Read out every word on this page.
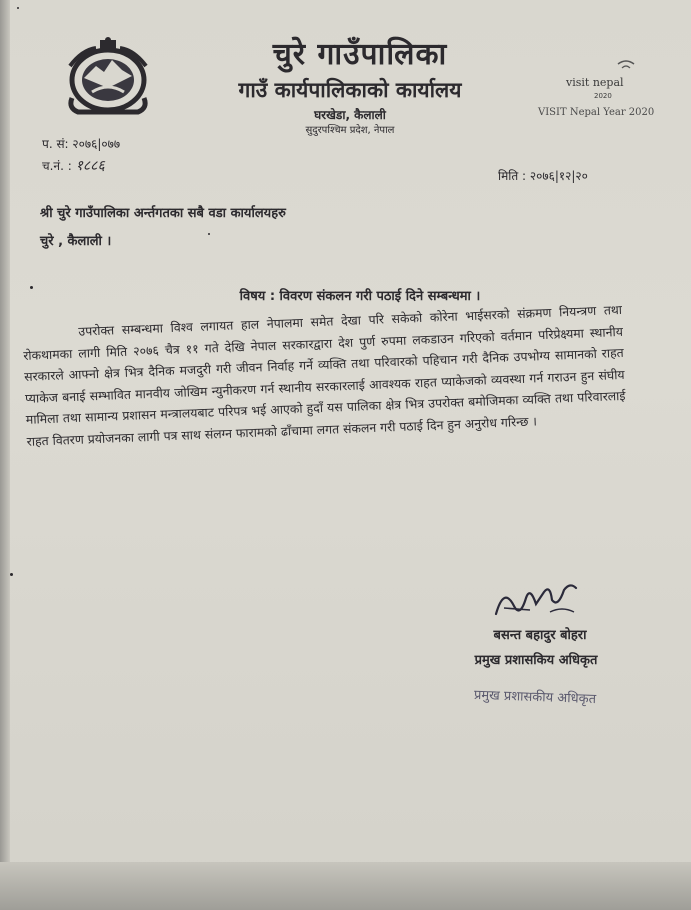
चुरे गाउँपालिका
गाउँ कार्यपालिकाको कार्यालय
घरखेडा, कैलाली
सुदुरपश्चिम प्रदेश, नेपाल
visit nepal
2020
VISIT Nepal Year 2020
प. सं: २०७६|०७७
च.नं. : १८८६
मिति : २०७६|१२|२०
श्री चुरे गाउँपालिका अर्न्तगतका सबै वडा कार्यालयहरु
चुरे , कैलाली ।
विषय : विवरण संकलन गरी पठाई दिने सम्बन्धमा ।
उपरोक्त सम्बन्धमा विश्व लगायत हाल नेपालमा समेत देखा परि सकेको कोरेना भाईसरको संक्रमण नियन्त्रण तथा रोकथामका लागी मिति २०७६ चैत्र ११ गते देखि नेपाल सरकारद्वारा देश पुर्ण रुपमा लकडाउन गरिएको वर्तमान परिप्रेक्ष्यमा स्थानीय सरकारले आफ्नो क्षेत्र भित्र दैनिक मजदुरी गरी जीवन निर्वाह गर्ने व्यक्ति तथा परिवारको पहिचान गरी दैनिक उपभोग्य सामानको राहत प्याकेज बनाई सम्भावित मानवीय जोखिम न्युनीकरण गर्न स्थानीय सरकारलाई आवश्यक राहत प्याकेजको व्यवस्था गर्न गराउन हुन संघीय मामिला तथा सामान्य प्रशासन मन्त्रालयबाट परिपत्र भई आएको हुदाँ यस पालिका क्षेत्र भित्र उपरोक्त बमोजिमका व्यक्ति तथा परिवारलाई राहत वितरण प्रयोजनका लागी पत्र साथ संलग्न फारामको ढाँचामा लगत संकलन गरी पठाई दिन हुन अनुरोध गरिन्छ ।
बसन्त बहादुर बोहरा
प्रमुख प्रशासकिय अधिकृत
प्रमुख प्रशासकीय अधिकृत
